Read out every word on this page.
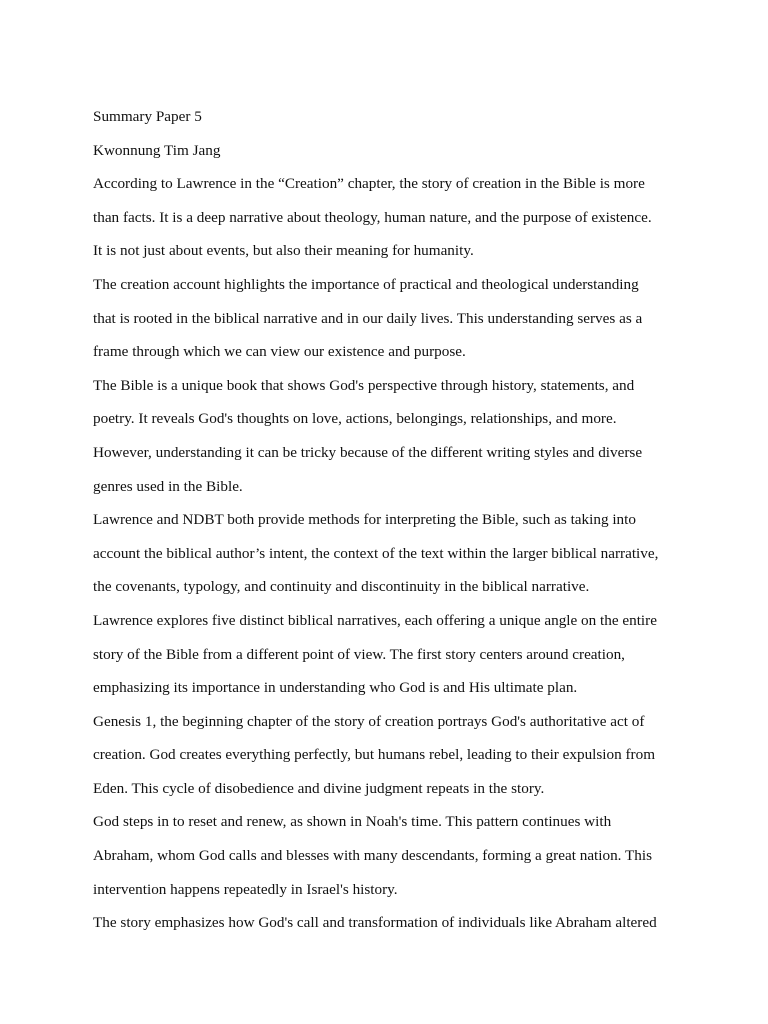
Summary Paper 5
Kwonnung Tim Jang
According to Lawrence in the “Creation” chapter, the story of creation in the Bible is more
than facts. It is a deep narrative about theology, human nature, and the purpose of existence.
It is not just about events, but also their meaning for humanity.
The creation account highlights the importance of practical and theological understanding
that is rooted in the biblical narrative and in our daily lives. This understanding serves as a
frame through which we can view our existence and purpose.
The Bible is a unique book that shows God's perspective through history, statements, and
poetry. It reveals God's thoughts on love, actions, belongings, relationships, and more.
However, understanding it can be tricky because of the different writing styles and diverse
genres used in the Bible.
Lawrence and NDBT both provide methods for interpreting the Bible, such as taking into
account the biblical author’s intent, the context of the text within the larger biblical narrative,
the covenants, typology, and continuity and discontinuity in the biblical narrative.
Lawrence explores five distinct biblical narratives, each offering a unique angle on the entire
story of the Bible from a different point of view. The first story centers around creation,
emphasizing its importance in understanding who God is and His ultimate plan.
Genesis 1, the beginning chapter of the story of creation portrays God's authoritative act of
creation. God creates everything perfectly, but humans rebel, leading to their expulsion from
Eden. This cycle of disobedience and divine judgment repeats in the story.
God steps in to reset and renew, as shown in Noah's time. This pattern continues with
Abraham, whom God calls and blesses with many descendants, forming a great nation. This
intervention happens repeatedly in Israel's history.
The story emphasizes how God's call and transformation of individuals like Abraham altered
